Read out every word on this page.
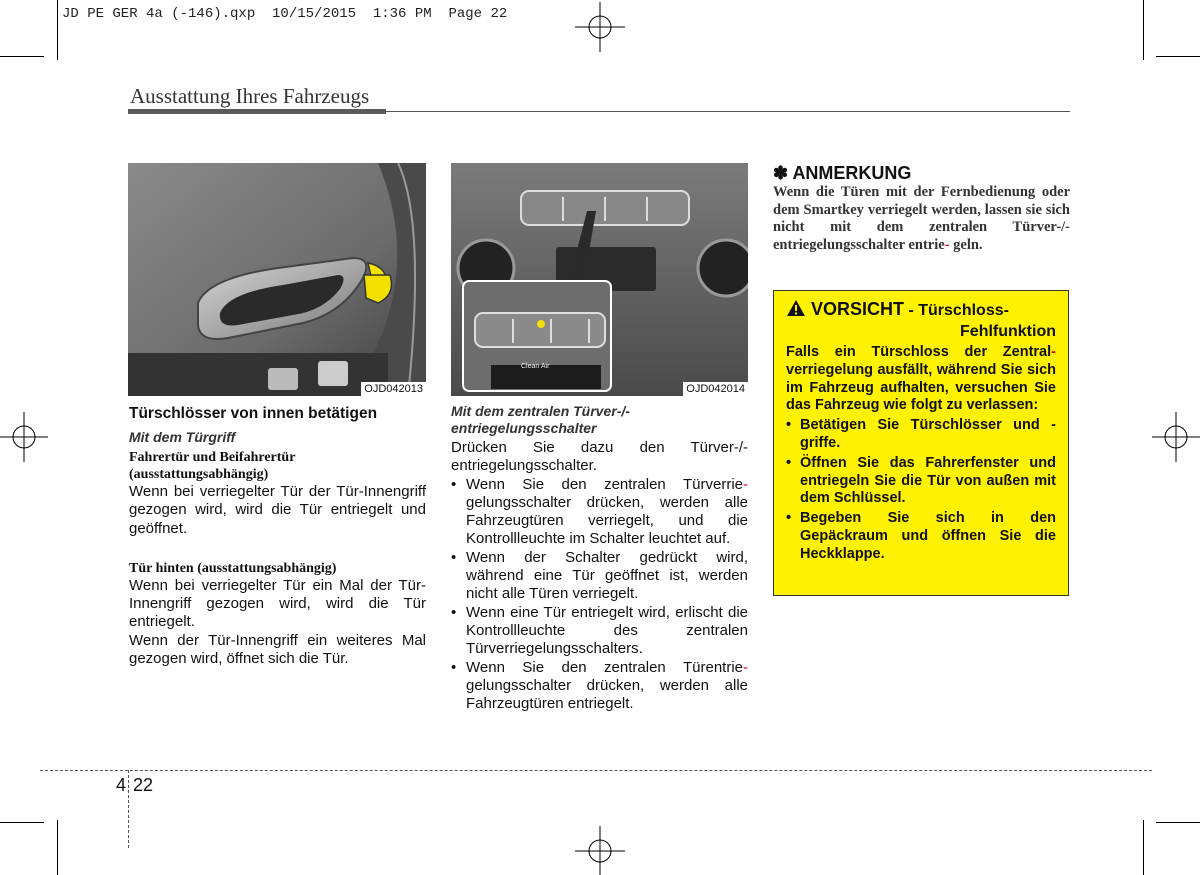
JD PE GER 4a (-146).qxp  10/15/2015  1:36 PM  Page 22
Ausstattung Ihres Fahrzeugs
OJD042013
Clean Air
OJD042014

Türschlösser von innen betätigen

Mit dem Türgriff

Fahrertür und Beifahrertür

(ausstattungsabhängig)

Wenn bei verriegelter Tür der Tür-Innengriff gezogen wird, wird die Tür entriegelt und geöffnet.

Tür hinten (ausstattungsabhängig)

Wenn bei verriegelter Tür ein Mal der Tür-Innengriff gezogen wird, wird die Tür entriegelt.

Wenn der Tür-Innengriff ein weiteres Mal gezogen wird, öffnet sich die Tür.

Mit dem zentralen Türver-/-

entriegelungsschalter

Drücken Sie dazu den Türver-/-entriegelungsschalter.

• Wenn Sie den zentralen Türverrie- gelungsschalter drücken, werden alle Fahrzeugtüren verriegelt, und die Kontrollleuchte im Schalter leuchtet auf.
• Wenn der Schalter gedrückt wird, während eine Tür geöffnet ist, werden nicht alle Türen verriegelt.
• Wenn eine Tür entriegelt wird, erlischt die Kontrollleuchte des zentralen Türverriegelungsschalters.
• Wenn Sie den zentralen Türentrie- gelungsschalter drücken, werden alle Fahrzeugtüren entriegelt.

✽ ANMERKUNG

Wenn die Türen mit der Fernbedienung oder dem Smartkey verriegelt werden, lassen sie sich nicht mit dem zentralen Türver-/-entriegelungsschalter entrie- geln.

VORSICHT - Türschloss-

Fehlfunktion

Falls ein Türschloss der Zentral- verriegelung ausfällt, während Sie sich im Fahrzeug aufhalten, versuchen Sie das Fahrzeug wie folgt zu verlassen:

• Betätigen Sie Türschlösser und -griffe.
• Öffnen Sie das Fahrerfenster und entriegeln Sie die Tür von außen mit dem Schlüssel.
• Begeben Sie sich in den Gepäckraum und öffnen Sie die Heckklappe.
4 22
